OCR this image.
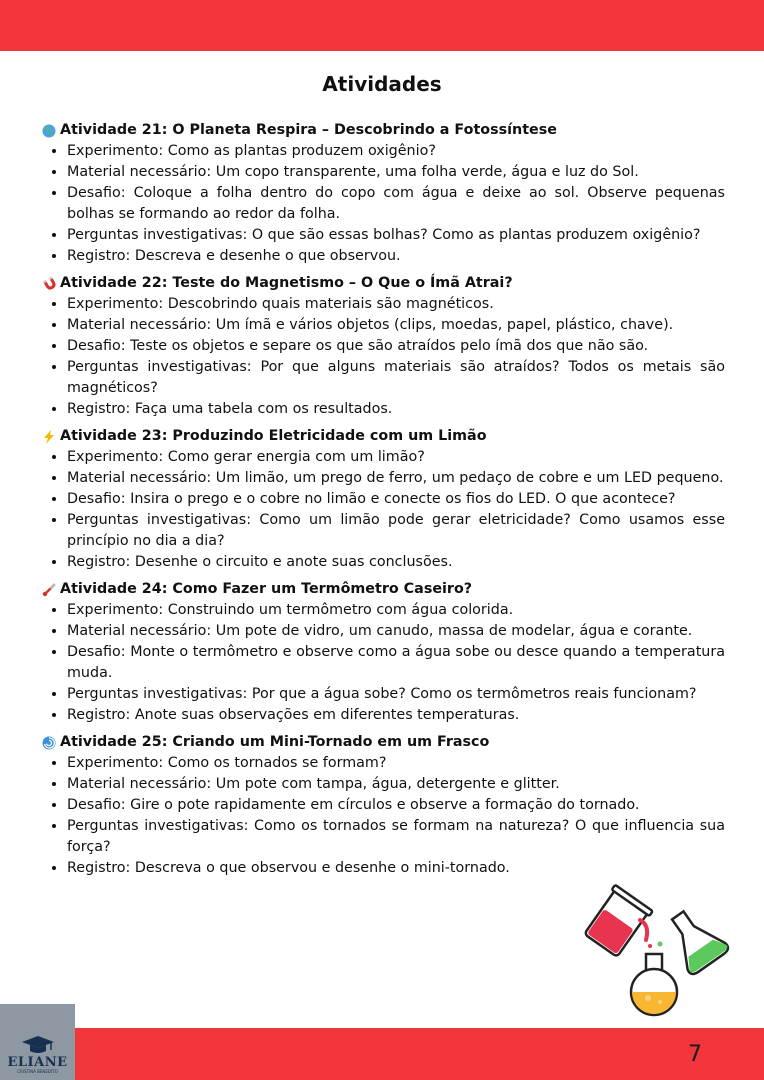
Atividades
Atividade 21: O Planeta Respira – Descobrindo a Fotossíntese
• Experimento: Como as plantas produzem oxigênio?
• Material necessário: Um copo transparente, uma folha verde, água e luz do Sol.
• Desafio: Coloque a folha dentro do copo com água e deixe ao sol. Observe pequenas bolhas se formando ao redor da folha.
• Perguntas investigativas: O que são essas bolhas? Como as plantas produzem oxigênio?
• Registro: Descreva e desenhe o que observou.
Atividade 22: Teste do Magnetismo – O Que o Ímã Atrai?
• Experimento: Descobrindo quais materiais são magnéticos.
• Material necessário: Um ímã e vários objetos (clips, moedas, papel, plástico, chave).
• Desafio: Teste os objetos e separe os que são atraídos pelo ímã dos que não são.
• Perguntas investigativas: Por que alguns materiais são atraídos? Todos os metais são magnéticos?
• Registro: Faça uma tabela com os resultados.
Atividade 23: Produzindo Eletricidade com um Limão
• Experimento: Como gerar energia com um limão?
• Material necessário: Um limão, um prego de ferro, um pedaço de cobre e um LED pequeno.
• Desafio: Insira o prego e o cobre no limão e conecte os fios do LED. O que acontece?
• Perguntas investigativas: Como um limão pode gerar eletricidade? Como usamos esse princípio no dia a dia?
• Registro: Desenhe o circuito e anote suas conclusões.
Atividade 24: Como Fazer um Termômetro Caseiro?
• Experimento: Construindo um termômetro com água colorida.
• Material necessário: Um pote de vidro, um canudo, massa de modelar, água e corante.
• Desafio: Monte o termômetro e observe como a água sobe ou desce quando a temperatura muda.
• Perguntas investigativas: Por que a água sobe? Como os termômetros reais funcionam?
• Registro: Anote suas observações em diferentes temperaturas.
Atividade 25: Criando um Mini-Tornado em um Frasco
• Experimento: Como os tornados se formam?
• Material necessário: Um pote com tampa, água, detergente e glitter.
• Desafio: Gire o pote rapidamente em círculos e observe a formação do tornado.
• Perguntas investigativas: Como os tornados se formam na natureza? O que influencia sua força?
• Registro: Descreva o que observou e desenhe o mini-tornado.
7
ELIANE
CRISTINA BENEDITO
